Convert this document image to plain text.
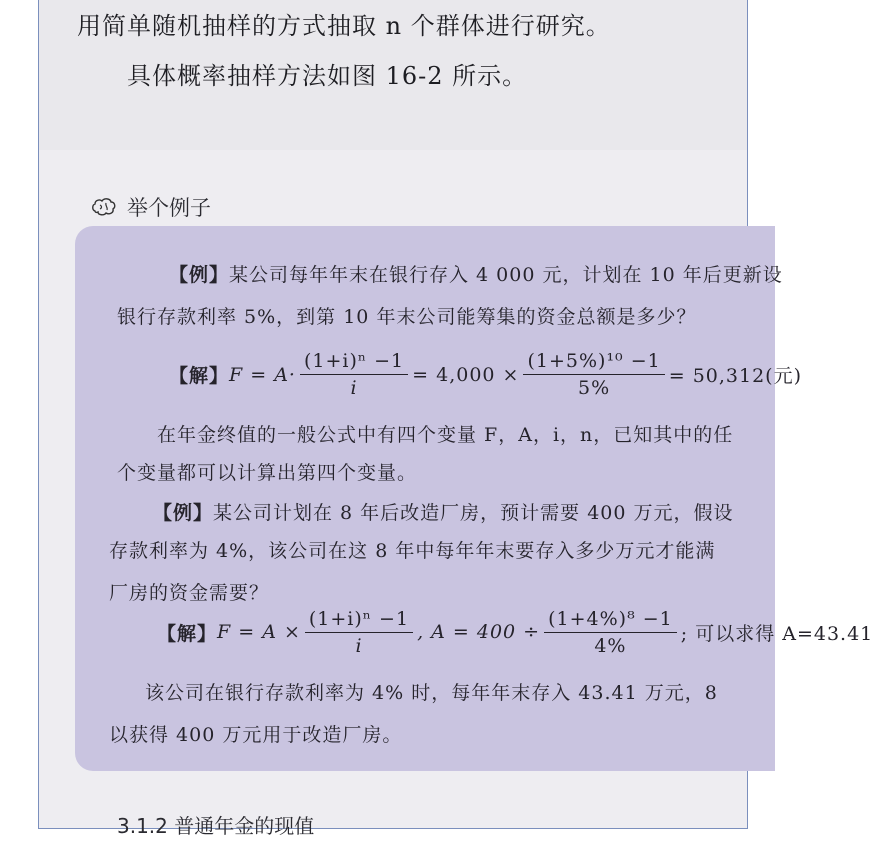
用简单随机抽样的方式抽取 n 个群体进行研究。
具体概率抽样方法如图 16-2 所示。
举个例子
【例】某公司每年年末在银行存入 4 000 元，计划在 10 年后更新设
银行存款利率 5%，到第 10 年末公司能筹集的资金总额是多少？
【解】 $F = A\cdot \frac{\text{(1+i)ⁿ −1}}{i} = 4,000 \times \frac{\text{(1+5\%)¹⁰ −1}}{5\%} = 50,312$(元)
在年金终值的一般公式中有四个变量 F，A，i，n，已知其中的任
个变量都可以计算出第四个变量。
【例】某公司计划在 8 年后改造厂房，预计需要 400 万元，假设
存款利率为 4%，该公司在这 8 年中每年年末要存入多少万元才能满
厂房的资金需要？
【解】 $F = A \times \frac{\text{(1+i)ⁿ −1}}{i}$ , $A = 400 \div \frac{\text{(1+4\%)⁸ −1}}{4\%}$ ; 可以求得 A=43.41
该公司在银行存款利率为 4% 时，每年年末存入 43.41 万元，8
以获得 400 万元用于改造厂房。
3.1.2 普通年金的现值
